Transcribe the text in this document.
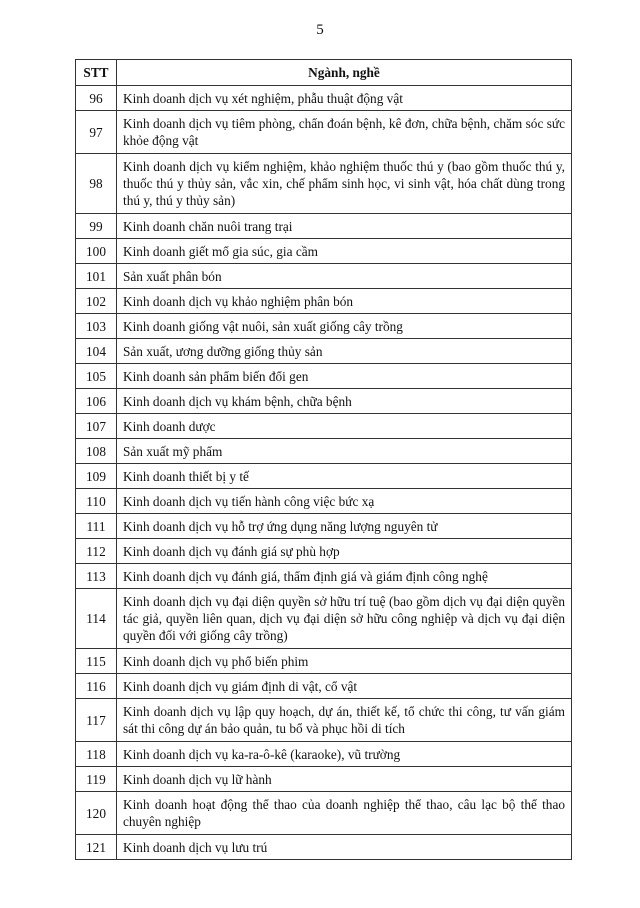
5
STT	Ngành, nghề
96	Kinh doanh dịch vụ xét nghiệm, phẫu thuật động vật
97	Kinh doanh dịch vụ tiêm phòng, chẩn đoán bệnh, kê đơn, chữa bệnh, chăm sóc sức khỏe động vật
98	Kinh doanh dịch vụ kiểm nghiệm, khảo nghiệm thuốc thú y (bao gồm thuốc thú y, thuốc thú y thủy sản, vắc xin, chế phẩm sinh học, vi sinh vật, hóa chất dùng trong thú y, thú y thủy sản)
99	Kinh doanh chăn nuôi trang trại
100	Kinh doanh giết mổ gia súc, gia cầm
101	Sản xuất phân bón
102	Kinh doanh dịch vụ khảo nghiệm phân bón
103	Kinh doanh giống vật nuôi, sản xuất giống cây trồng
104	Sản xuất, ương dưỡng giống thủy sản
105	Kinh doanh sản phẩm biến đổi gen
106	Kinh doanh dịch vụ khám bệnh, chữa bệnh
107	Kinh doanh dược
108	Sản xuất mỹ phẩm
109	Kinh doanh thiết bị y tế
110	Kinh doanh dịch vụ tiến hành công việc bức xạ
111	Kinh doanh dịch vụ hỗ trợ ứng dụng năng lượng nguyên tử
112	Kinh doanh dịch vụ đánh giá sự phù hợp
113	Kinh doanh dịch vụ đánh giá, thẩm định giá và giám định công nghệ
114	Kinh doanh dịch vụ đại diện quyền sở hữu trí tuệ (bao gồm dịch vụ đại diện quyền tác giả, quyền liên quan, dịch vụ đại diện sở hữu công nghiệp và dịch vụ đại diện quyền đối với giống cây trồng)
115	Kinh doanh dịch vụ phổ biến phim
116	Kinh doanh dịch vụ giám định di vật, cổ vật
117	Kinh doanh dịch vụ lập quy hoạch, dự án, thiết kế, tổ chức thi công, tư vấn giám sát thi công dự án bảo quản, tu bổ và phục hồi di tích
118	Kinh doanh dịch vụ ka-ra-ô-kê (karaoke), vũ trường
119	Kinh doanh dịch vụ lữ hành
120	Kinh doanh hoạt động thể thao của doanh nghiệp thể thao, câu lạc bộ thể thao chuyên nghiệp
121	Kinh doanh dịch vụ lưu trú
